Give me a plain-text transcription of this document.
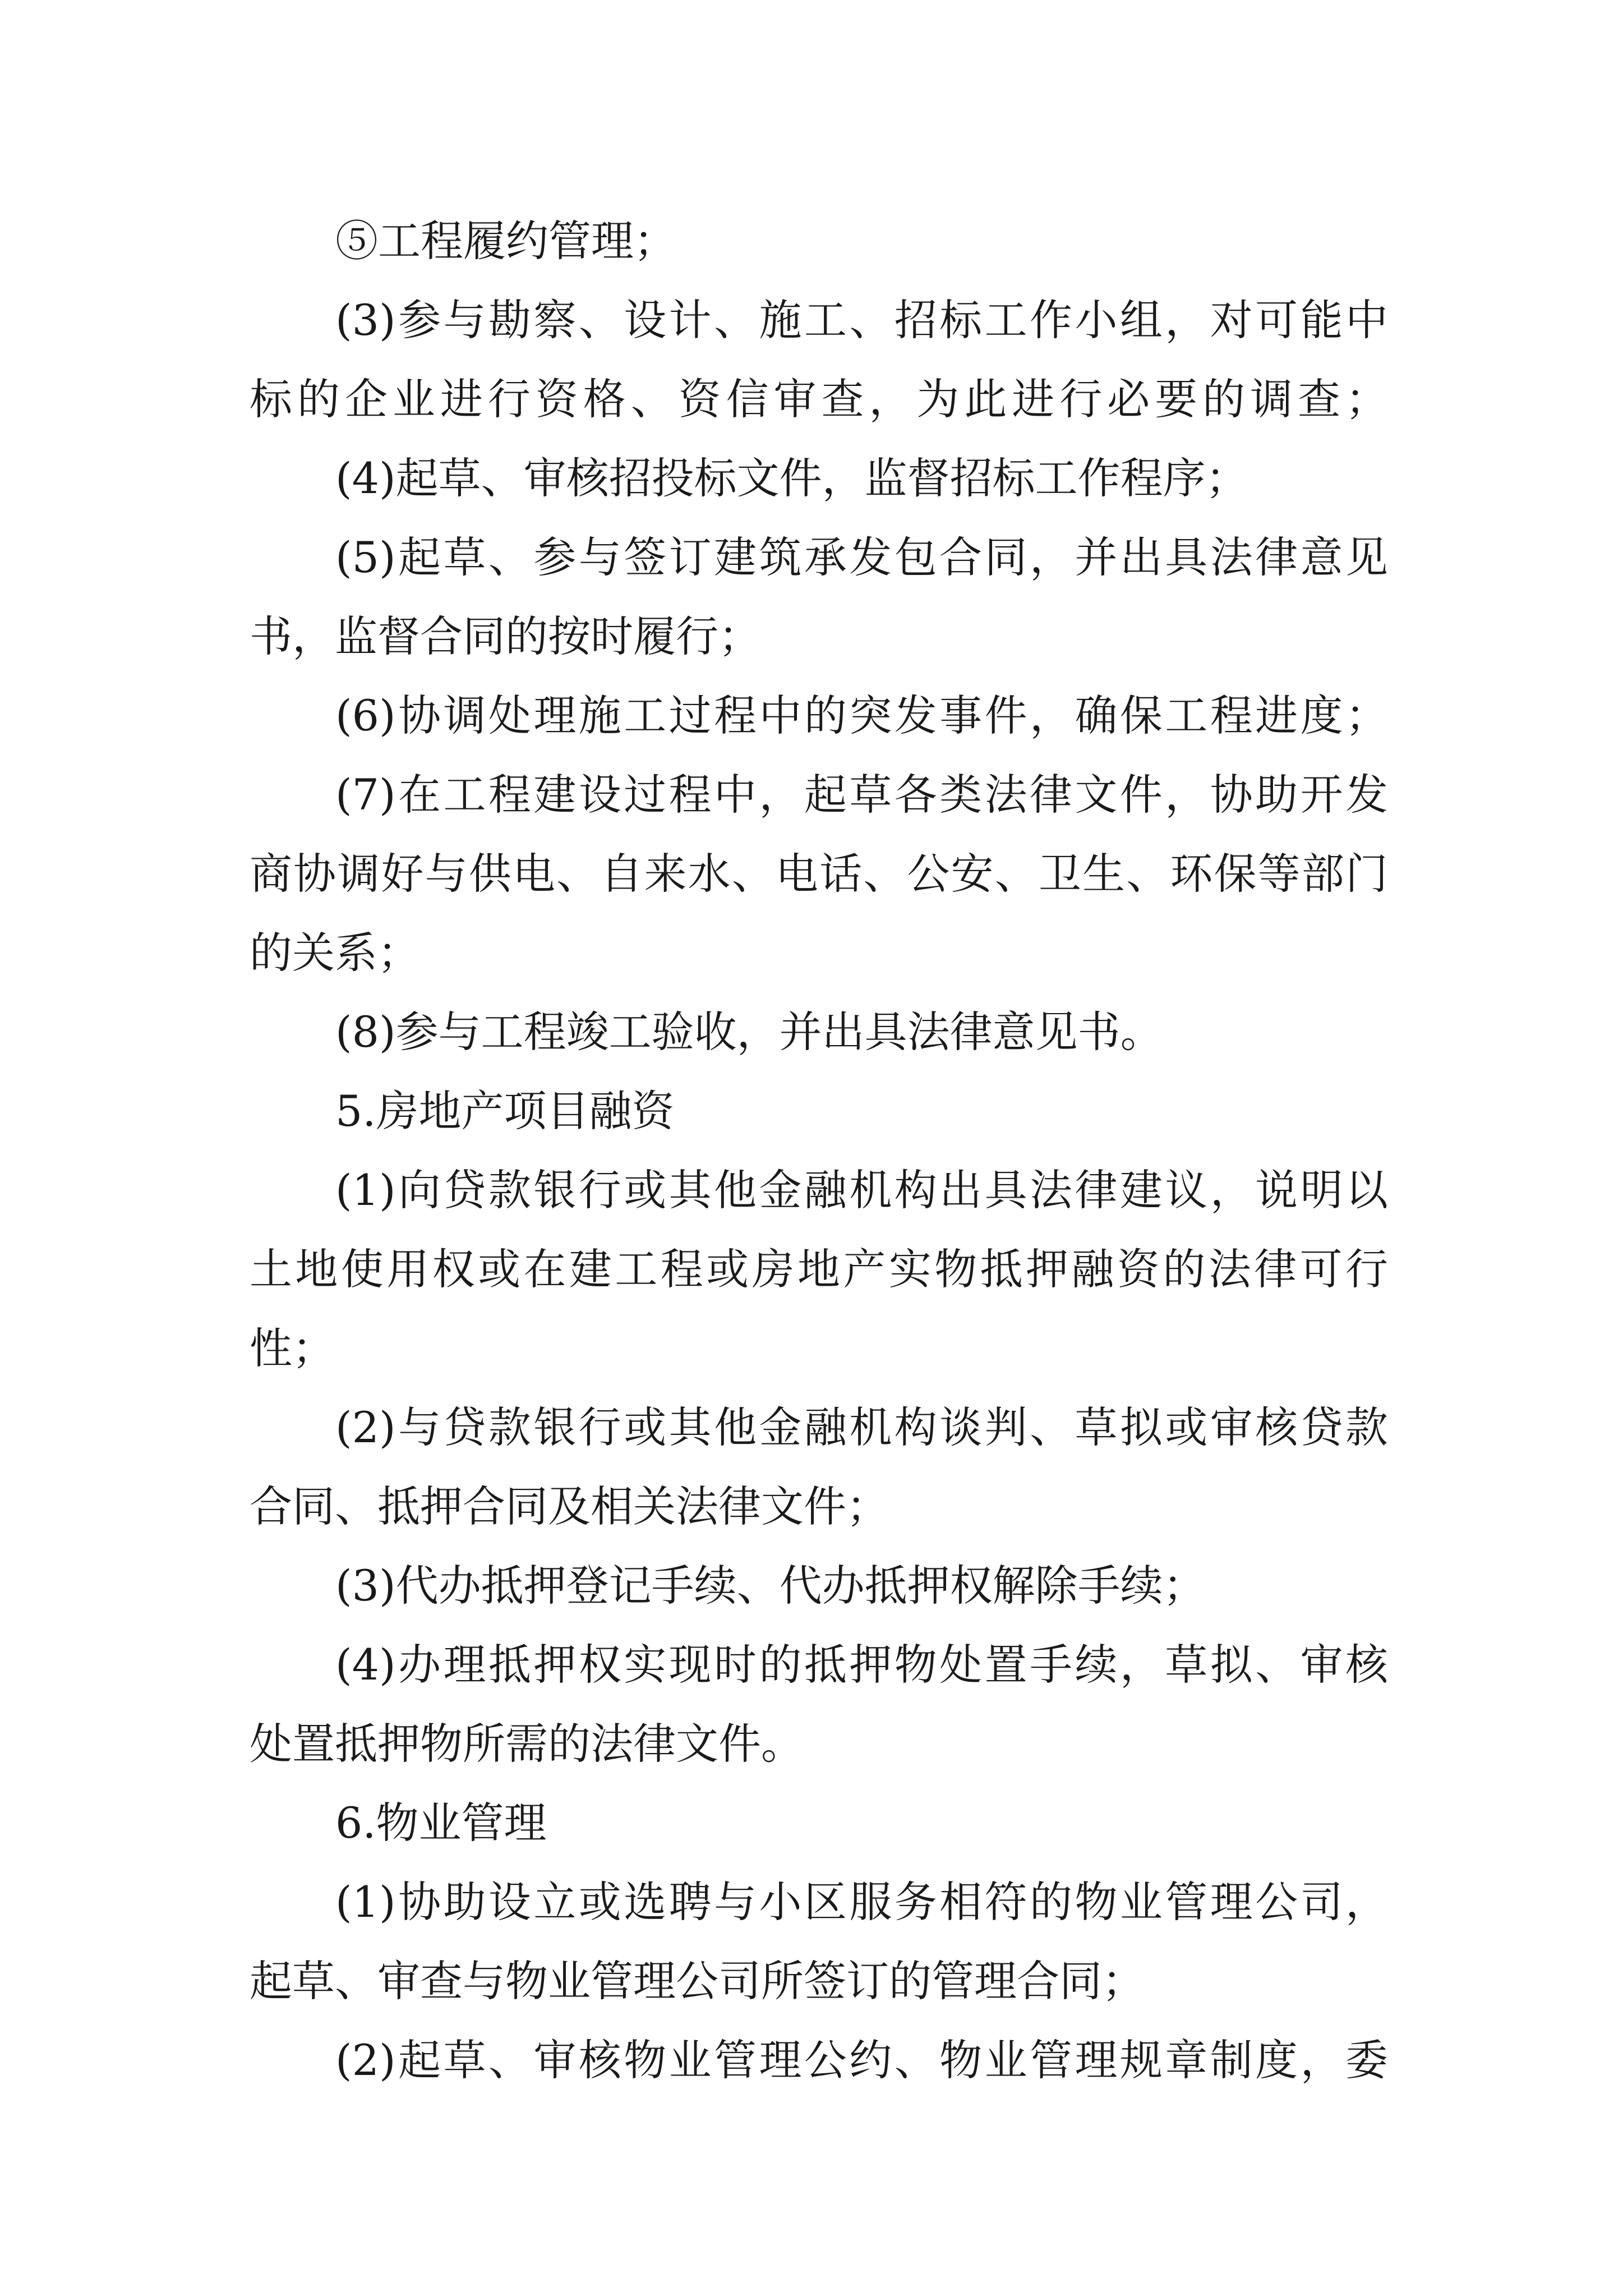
⑤工程履约管理；
(3)参与勘察、设计、施工、招标工作小组，对可能中
标的企业进行资格、资信审查，为此进行必要的调查；
(4)起草、审核招投标文件，监督招标工作程序；
(5)起草、参与签订建筑承发包合同，并出具法律意见
书，监督合同的按时履行；
(6)协调处理施工过程中的突发事件，确保工程进度；
(7)在工程建设过程中，起草各类法律文件，协助开发
商协调好与供电、自来水、电话、公安、卫生、环保等部门
的关系；
(8)参与工程竣工验收，并出具法律意见书。
5.房地产项目融资
(1)向贷款银行或其他金融机构出具法律建议，说明以
土地使用权或在建工程或房地产实物抵押融资的法律可行
性；
(2)与贷款银行或其他金融机构谈判、草拟或审核贷款
合同、抵押合同及相关法律文件；
(3)代办抵押登记手续、代办抵押权解除手续；
(4)办理抵押权实现时的抵押物处置手续，草拟、审核
处置抵押物所需的法律文件。
6.物业管理
(1)协助设立或选聘与小区服务相符的物业管理公司，
起草、审查与物业管理公司所签订的管理合同；
(2)起草、审核物业管理公约、物业管理规章制度，委
